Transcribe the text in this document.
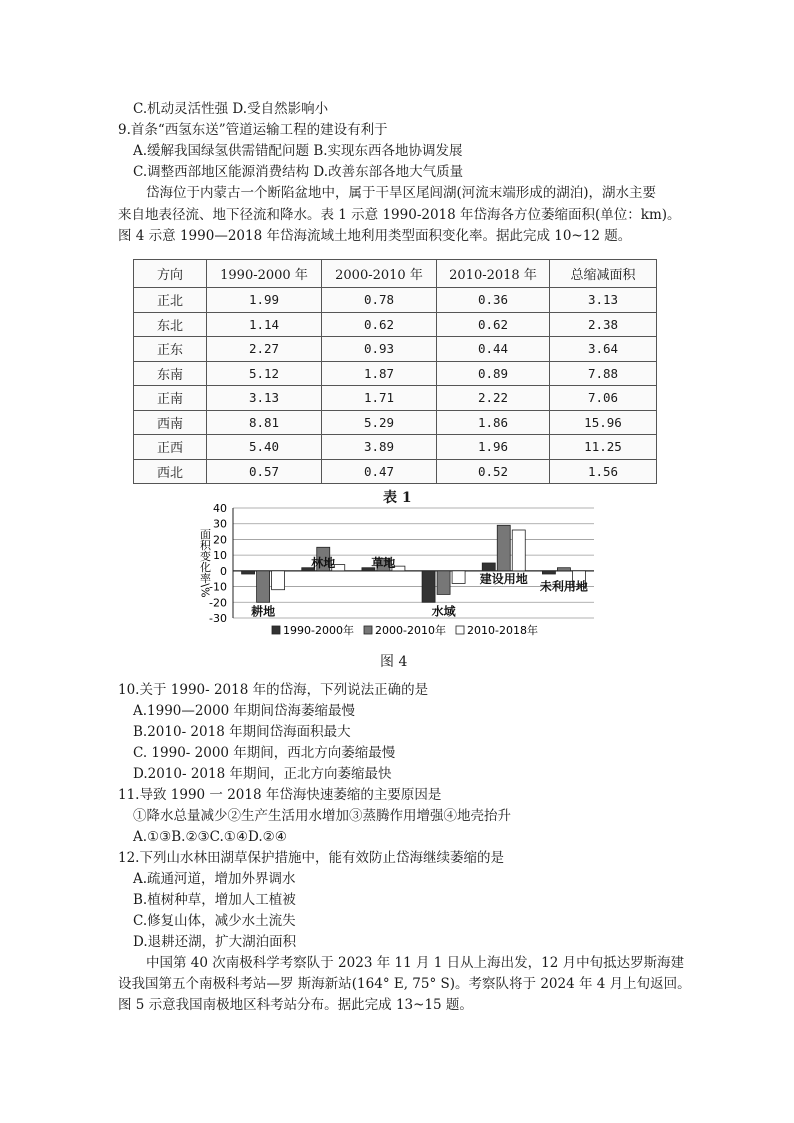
C.机动灵活性强 D.受自然影响小
9.首条“西氢东送”管道运输工程的建设有利于
A.缓解我国绿氢供需错配问题 B.实现东西各地协调发展
C.调整西部地区能源消费结构 D.改善东部各地大气质量
岱海位于内蒙古一个断陷盆地中，属于干旱区尾闾湖(河流末端形成的湖泊)，湖水主要
来自地表径流、地下径流和降水。表 1 示意 1990-2018 年岱海各方位萎缩面积(单位：km)。
图 4 示意 1990—2018 年岱海流域土地利用类型面积变化率。据此完成 10~12 题。
方向	1990-2000 年	2000-2010 年	2010-2018 年	总缩减面积
正北	1.99	0.78	0.36	3.13
东北	1.14	0.62	0.62	2.38
正东	2.27	0.93	0.44	3.64
东南	5.12	1.87	0.89	7.88
正南	3.13	1.71	2.22	7.06
西南	8.81	5.29	1.86	15.96
正西	5.40	3.89	1.96	11.25
西北	0.57	0.47	0.52	1.56
表 1
40
30
20
10
0
-10
-20
-30
面积变化率\%
耕地
林地	草地
水域
建设用地
未利用地
1990-2000年 2000-2010年 2010-2018年
图 4
10.关于 1990- 2018 年的岱海，下列说法正确的是
A.1990—2000 年期间岱海萎缩最慢
B.2010- 2018 年期间岱海面积最大
C. 1990- 2000 年期间，西北方向萎缩最慢
D.2010- 2018 年期间，正北方向萎缩最快
11.导致 1990 一 2018 年岱海快速萎缩的主要原因是
①降水总量减少②生产生活用水增加③蒸腾作用增强④地壳抬升
A.①③B.②③C.①④D.②④
12.下列山水林田湖草保护措施中，能有效防止岱海继续萎缩的是
A.疏通河道，增加外界调水
B.植树种草，增加人工植被
C.修复山体，减少水土流失
D.退耕还湖，扩大湖泊面积
中国第 40 次南极科学考察队于 2023 年 11 月 1 日从上海出发，12 月中旬抵达罗斯海建
设我国第五个南极科考站—罗 斯海新站(164° E, 75° S)。考察队将于 2024 年 4 月上旬返回。
图 5 示意我国南极地区科考站分布。据此完成 13~15 题。
